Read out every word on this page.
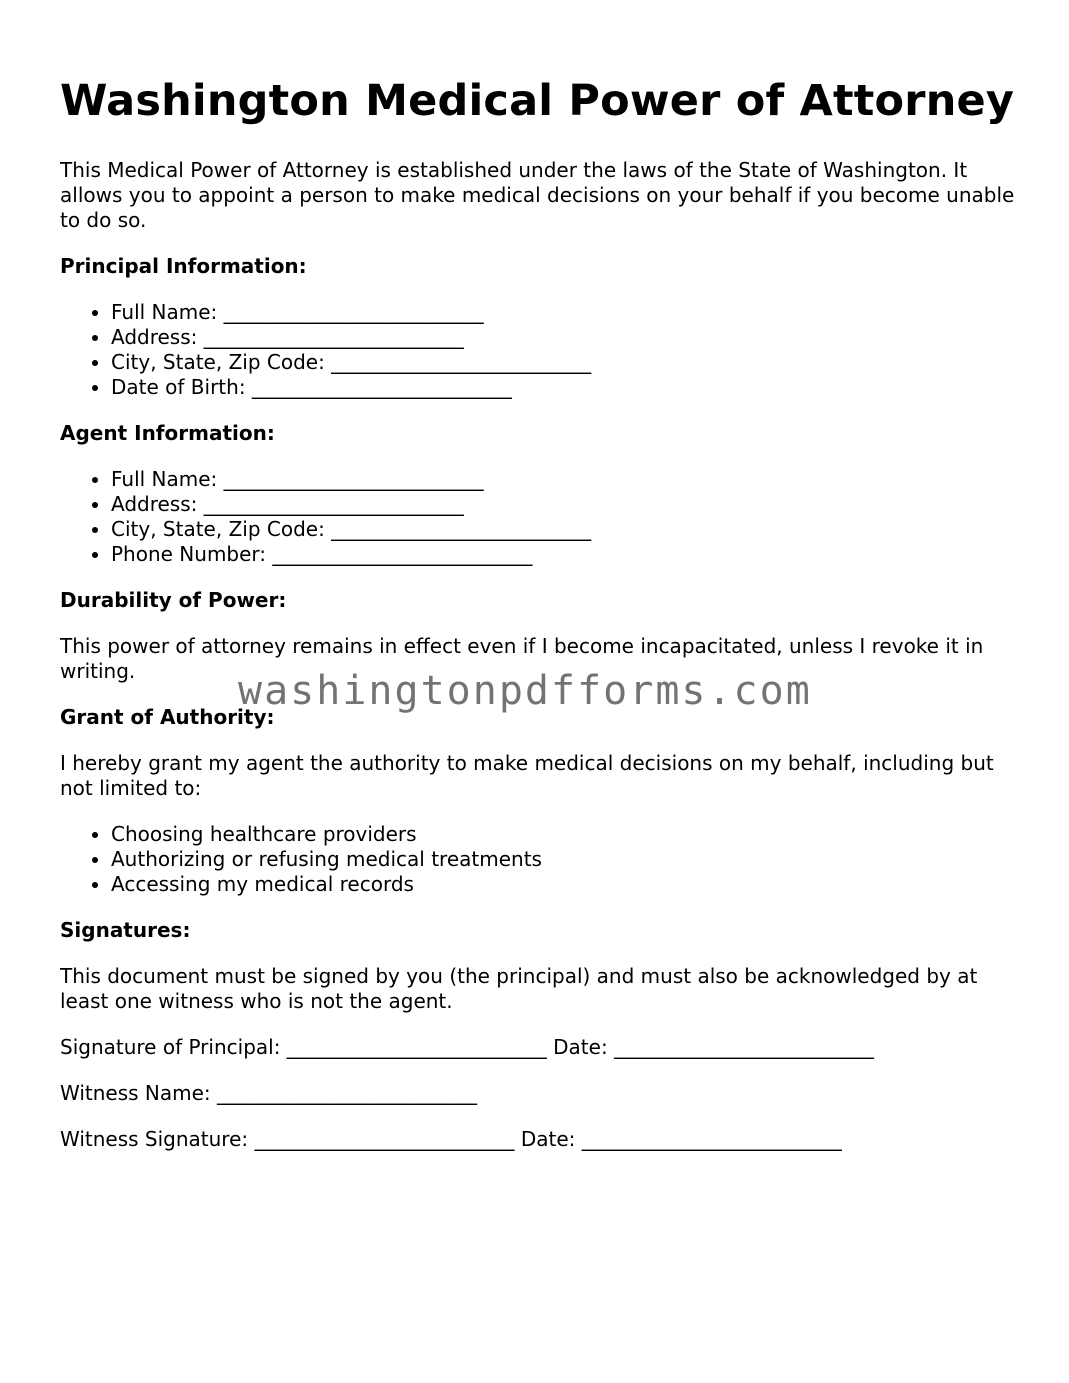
Washington Medical Power of Attorney

This Medical Power of Attorney is established under the laws of the State of Washington. It allows you to appoint a person to make medical decisions on your behalf if you become unable to do so.

Principal Information:
• Full Name: __________________________
• Address: __________________________
• City, State, Zip Code: __________________________
• Date of Birth: __________________________
Agent Information:
• Full Name: __________________________
• Address: __________________________
• City, State, Zip Code: __________________________
• Phone Number: __________________________
Durability of Power:

This power of attorney remains in effect even if I become incapacitated, unless I revoke it in writing.

Grant of Authority:

I hereby grant my agent the authority to make medical decisions on my behalf, including but not limited to:

• Choosing healthcare providers
• Authorizing or refusing medical treatments
• Accessing my medical records
Signatures:

This document must be signed by you (the principal) and must also be acknowledged by at least one witness who is not the agent.

Signature of Principal: __________________________ Date: __________________________
Witness Name: __________________________
Witness Signature: __________________________ Date: __________________________
washingtonpdfforms.com
